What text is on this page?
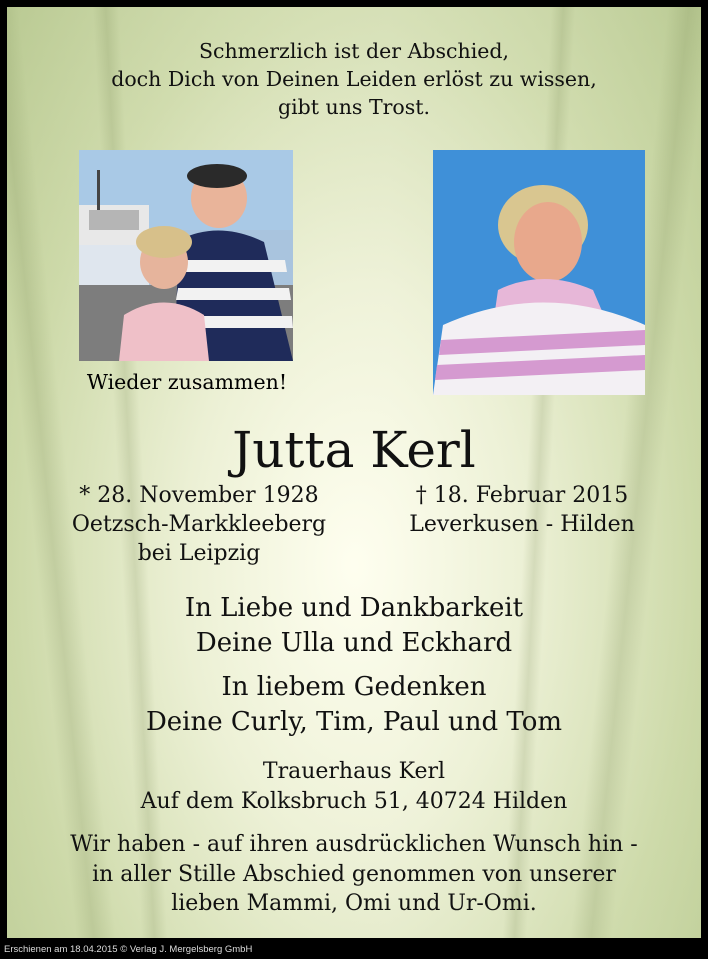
Schmerzlich ist der Abschied,
doch Dich von Deinen Leiden erlöst zu wissen,
gibt uns Trost.
Wieder zusammen!
Jutta Kerl
* 28. November 1928
Oetzsch-Markkleeberg
bei Leipzig
† 18. Februar 2015
Leverkusen - Hilden
In Liebe und Dankbarkeit
Deine Ulla und Eckhard
In liebem Gedenken
Deine Curly, Tim, Paul und Tom
Trauerhaus Kerl
Auf dem Kolksbruch 51, 40724 Hilden
Wir haben - auf ihren ausdrücklichen Wunsch hin -
in aller Stille Abschied genommen von unserer
lieben Mammi, Omi und Ur-Omi.
Erschienen am 18.04.2015 © Verlag J. Mergelsberg GmbH
